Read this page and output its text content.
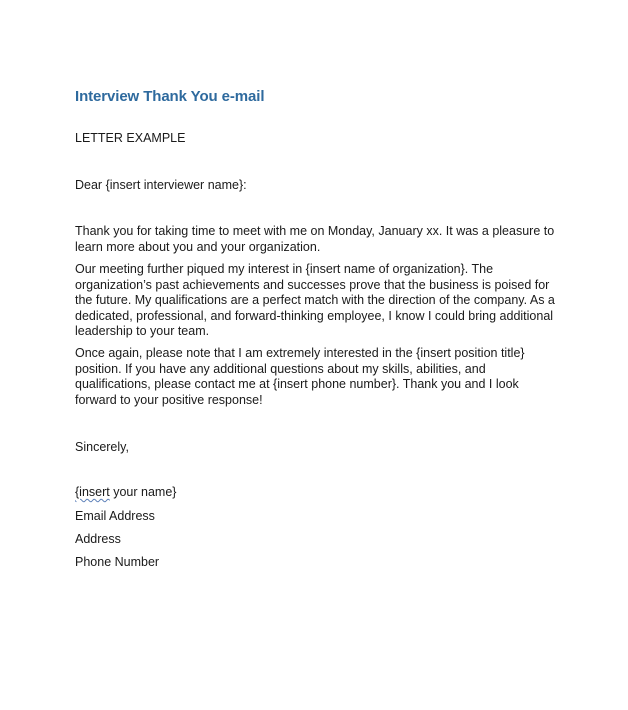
Interview Thank You e-mail
LETTER EXAMPLE
Dear {insert interviewer name}:

Thank you for taking time to meet with me on Monday, January xx. It was a pleasure to learn more about you and your organization.

Our meeting further piqued my interest in {insert name of organization}. The organization’s past achievements and successes prove that the business is poised for the future. My qualifications are a perfect match with the direction of the company. As a dedicated, professional, and forward-thinking employee, I know I could bring additional leadership to your team.

Once again, please note that I am extremely interested in the {insert position title} position. If you have any additional questions about my skills, abilities, and qualifications, please contact me at {insert phone number}. Thank you and I look forward to your positive response!

Sincerely,
{insert your name}
Email Address
Address
Phone Number
